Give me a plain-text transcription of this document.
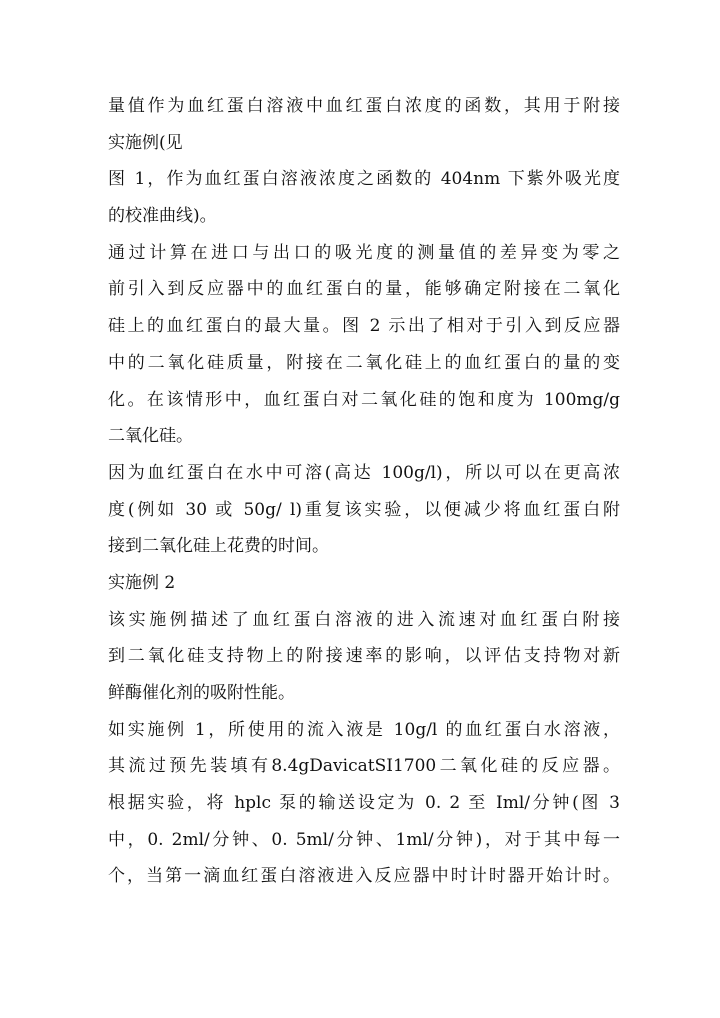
量值作为血红蛋白溶液中血红蛋白浓度的函数，其用于附接
实施例(见
图 1，作为血红蛋白溶液浓度之函数的 404nm 下紫外吸光度
的校准曲线)。
通过计算在进口与出口的吸光度的测量值的差异变为零之
前引入到反应器中的血红蛋白的量，能够确定附接在二氧化
硅上的血红蛋白的最大量。图 2 示出了相对于引入到反应器
中的二氧化硅质量，附接在二氧化硅上的血红蛋白的量的变
化。在该情形中，血红蛋白对二氧化硅的饱和度为 100mg/g
二氧化硅。
因为血红蛋白在水中可溶(高达 100g/l)，所以可以在更高浓
度(例如 30 或 50g/ l)重复该实验，以便减少将血红蛋白附
接到二氧化硅上花费的时间。
实施例 2
该实施例描述了血红蛋白溶液的进入流速对血红蛋白附接
到二氧化硅支持物上的附接速率的影响，以评估支持物对新
鲜酶催化剂的吸附性能。
如实施例 1，所使用的流入液是 10g/l 的血红蛋白水溶液，
其流过预先装填有8.4gDavicatSI1700二氧化硅的反应器。
根据实验，将 hplc 泵的输送设定为 0. 2 至 Iml/分钟(图 3
中，0. 2ml/分钟、0. 5ml/分钟、1ml/分钟)，对于其中每一
个，当第一滴血红蛋白溶液进入反应器中时计时器开始计时。
